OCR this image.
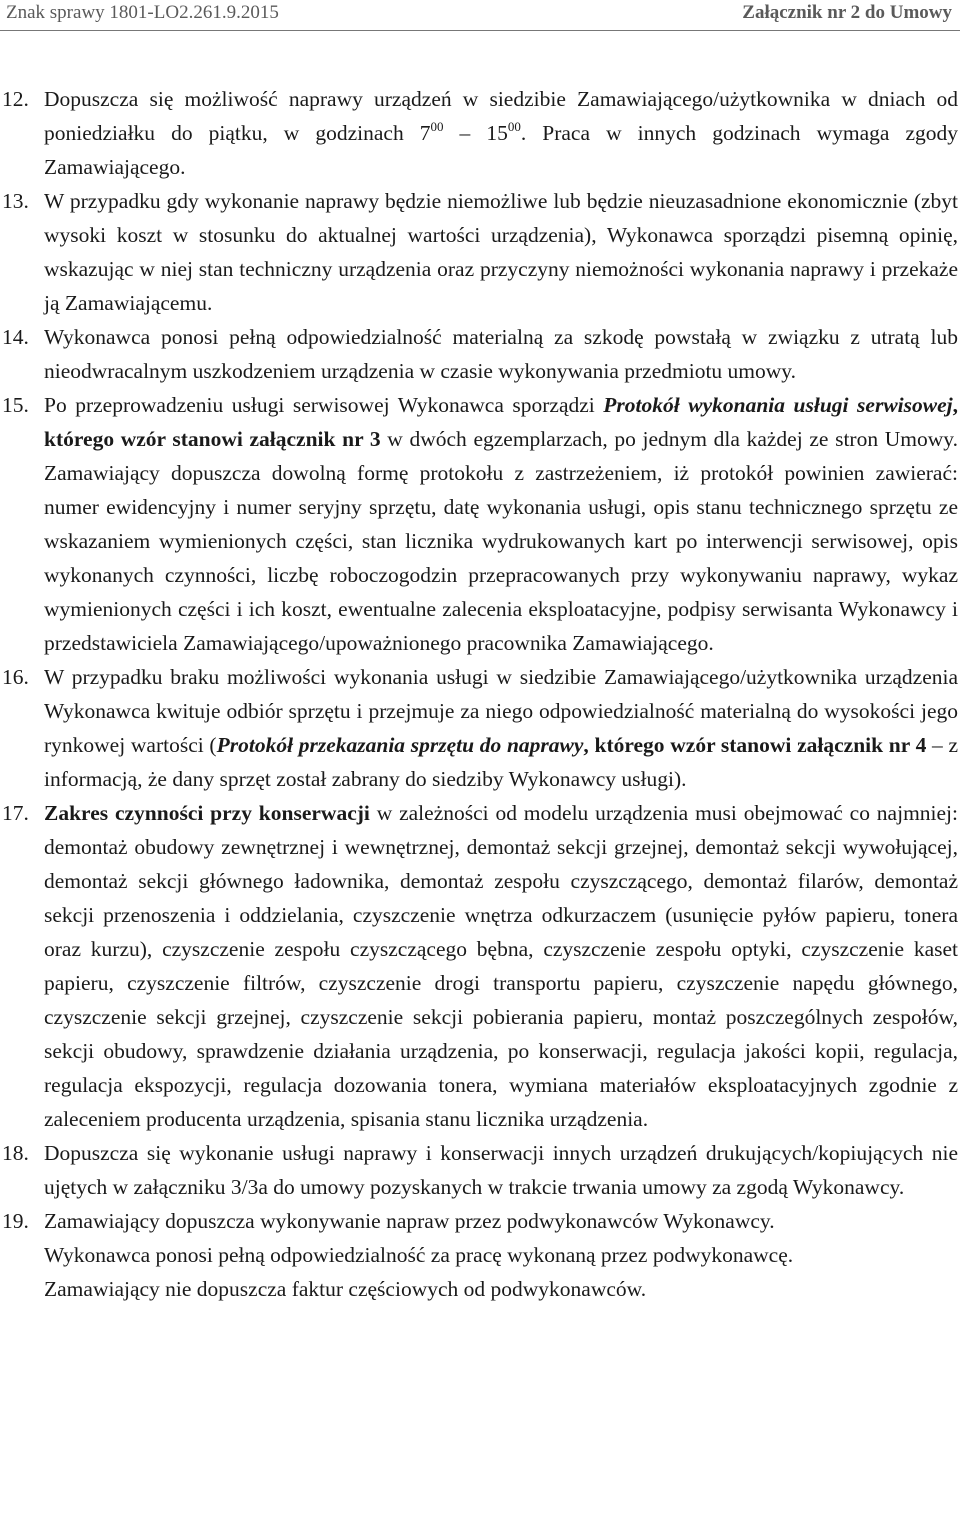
Znak sprawy 1801-LO2.261.9.2015	Załącznik nr 2 do Umowy
12. Dopuszcza się możliwość naprawy urządzeń w siedzibie Zamawiającego/użytkownika w dniach od poniedziałku do piątku, w godzinach $7^{00} - 15^{00}$. Praca w innych godzinach wymaga zgody Zamawiającego.
13. W przypadku gdy wykonanie naprawy będzie niemożliwe lub będzie nieuzasadnione ekonomicznie (zbyt wysoki koszt w stosunku do aktualnej wartości urządzenia), Wykonawca sporządzi pisemną opinię, wskazując w niej stan techniczny urządzenia oraz przyczyny niemożności wykonania naprawy i przekaże ją Zamawiającemu.
14. Wykonawca ponosi pełną odpowiedzialność materialną za szkodę powstałą w związku z utratą lub nieodwracalnym uszkodzeniem urządzenia w czasie wykonywania przedmiotu umowy.
15. Po przeprowadzeniu usługi serwisowej Wykonawca sporządzi Protokół wykonania usługi serwisowej, którego wzór stanowi załącznik nr 3 w dwóch egzemplarzach, po jednym dla każdej ze stron Umowy. Zamawiający dopuszcza dowolną formę protokołu z zastrzeżeniem, iż protokół powinien zawierać: numer ewidencyjny i numer seryjny sprzętu, datę wykonania usługi, opis stanu technicznego sprzętu ze wskazaniem wymienionych części, stan licznika wydrukowanych kart po interwencji serwisowej, opis wykonanych czynności, liczbę roboczogodzin przepracowanych przy wykonywaniu naprawy, wykaz wymienionych części i ich koszt, ewentualne zalecenia eksploatacyjne, podpisy serwisanta Wykonawcy i przedstawiciela Zamawiającego/upoważnionego pracownika Zamawiającego.
16. W przypadku braku możliwości wykonania usługi w siedzibie Zamawiającego/użytkownika urządzenia Wykonawca kwituje odbiór sprzętu i przejmuje za niego odpowiedzialność materialną do wysokości jego rynkowej wartości (Protokół przekazania sprzętu do naprawy, którego wzór stanowi załącznik nr 4 – z informacją, że dany sprzęt został zabrany do siedziby Wykonawcy usługi).
17. Zakres czynności przy konserwacji w zależności od modelu urządzenia musi obejmować co najmniej: demontaż obudowy zewnętrznej i wewnętrznej, demontaż sekcji grzejnej, demontaż sekcji wywołującej, demontaż sekcji głównego ładownika, demontaż zespołu czyszczącego, demontaż filarów, demontaż sekcji przenoszenia i oddzielania, czyszczenie wnętrza odkurzaczem (usunięcie pyłów papieru, tonera oraz kurzu), czyszczenie zespołu czyszczącego bębna, czyszczenie zespołu optyki, czyszczenie kaset papieru, czyszczenie filtrów, czyszczenie drogi transportu papieru, czyszczenie napędu głównego, czyszczenie sekcji grzejnej, czyszczenie sekcji pobierania papieru, montaż poszczególnych zespołów, sekcji obudowy, sprawdzenie działania urządzenia, po konserwacji, regulacja jakości kopii, regulacja, regulacja ekspozycji, regulacja dozowania tonera, wymiana materiałów eksploatacyjnych zgodnie z zaleceniem producenta urządzenia, spisania stanu licznika urządzenia.
18. Dopuszcza się wykonanie usługi naprawy i konserwacji innych urządzeń drukujących/kopiujących nie ujętych w załączniku 3/3a do umowy pozyskanych w trakcie trwania umowy za zgodą Wykonawcy.
19. Zamawiający dopuszcza wykonywanie napraw przez podwykonawców Wykonawcy.

Wykonawca ponosi pełną odpowiedzialność za pracę wykonaną przez podwykonawcę.

Zamawiający nie dopuszcza faktur częściowych od podwykonawców.
